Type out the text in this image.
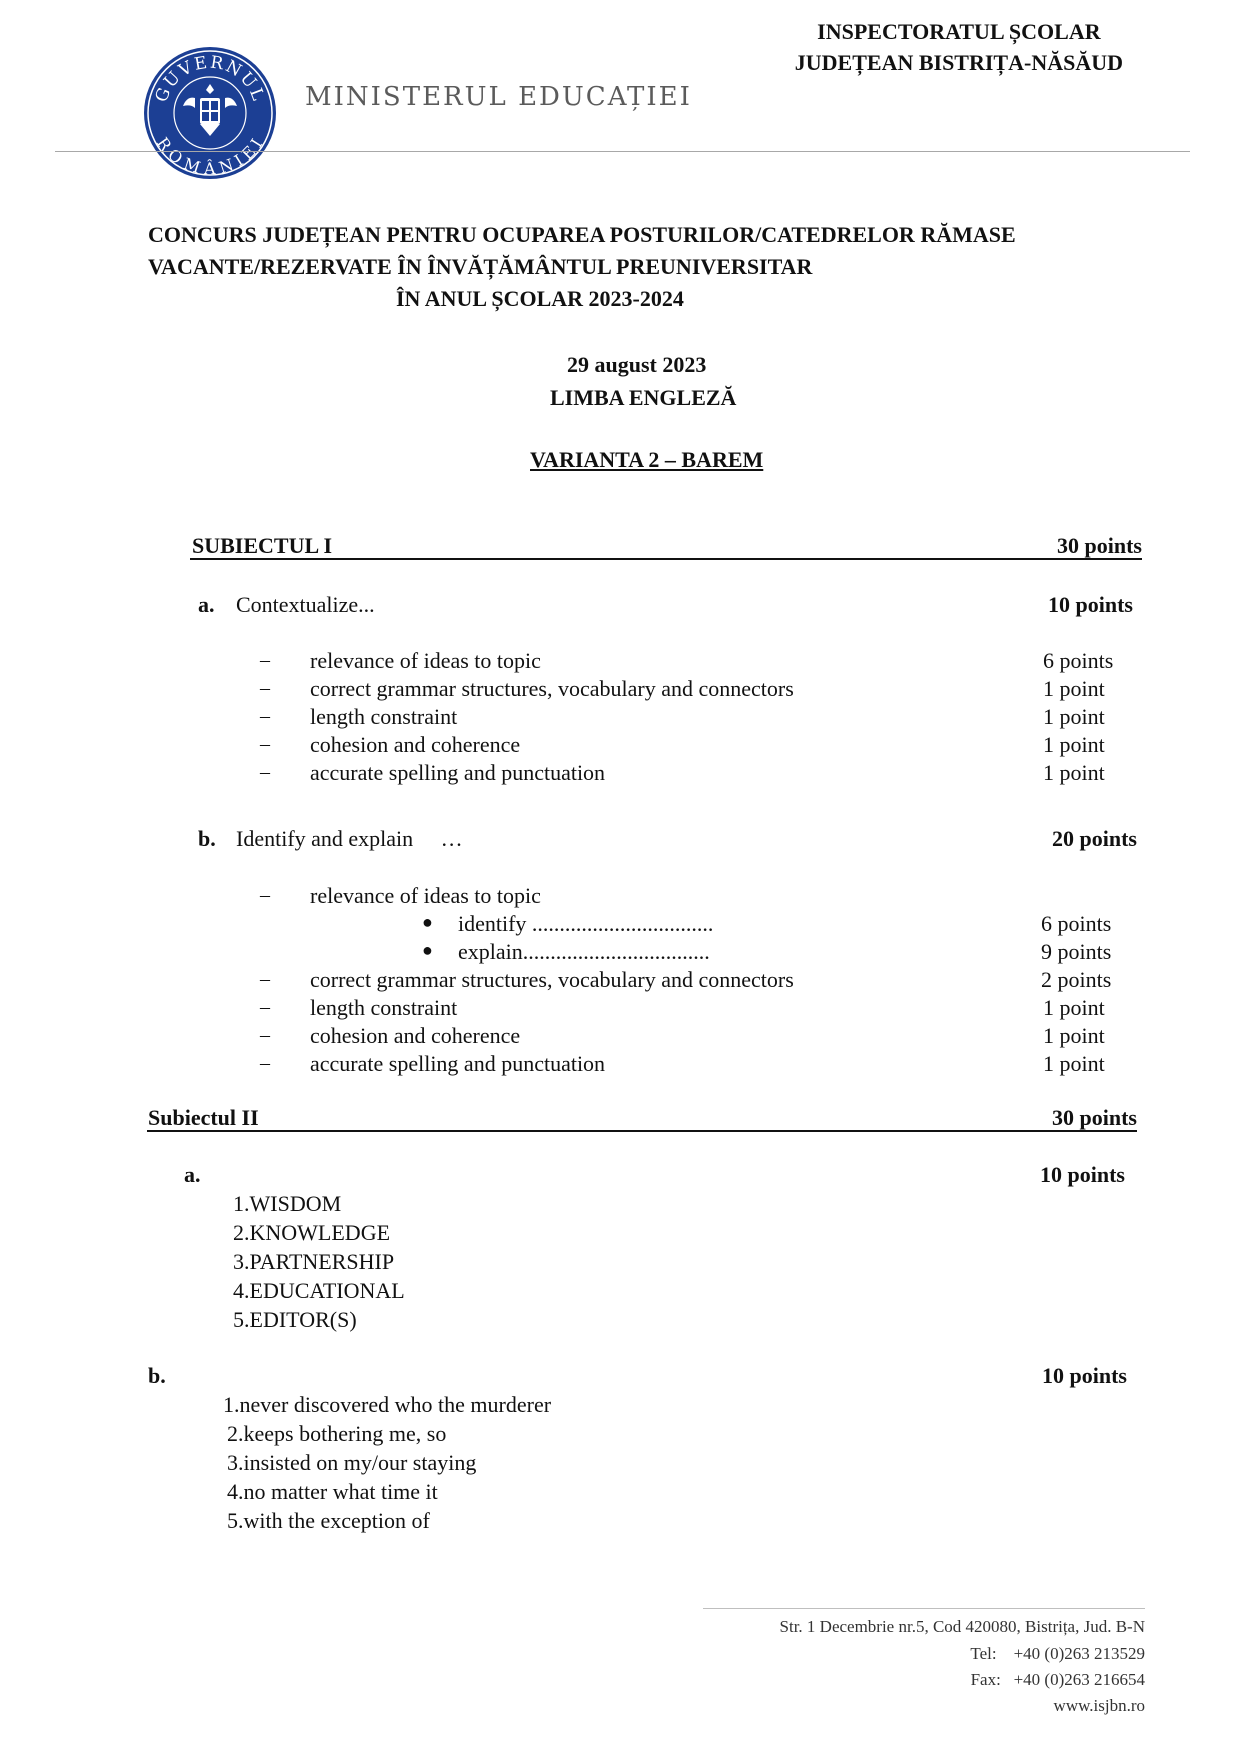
GUVERNUL
ROMÂNIEI
MINISTERUL EDUCAȚIEI
INSPECTORATUL ȘCOLAR
JUDEȚEAN BISTRIȚA-NĂSĂUD
CONCURS JUDEȚEAN PENTRU OCUPAREA POSTURILOR/CATEDRELOR RĂMASE
VACANTE/REZERVATE ÎN ÎNVĂȚĂMÂNTUL PREUNIVERSITAR
ÎN ANUL ȘCOLAR 2023-2024
29 august 2023
LIMBA ENGLEZĂ
VARIANTA 2 – BAREM
SUBIECTUL I	30 points
a. Contextualize...	10 points
– relevance of ideas to topic	6 points
– correct grammar structures, vocabulary and connectors	1 point
– length constraint	1 point
– cohesion and coherence	1 point
– accurate spelling and punctuation	1 point
b. Identify and explain     …	20 points
– relevance of ideas to topic
● identify .................................	6 points
● explain..................................	9 points
– correct grammar structures, vocabulary and connectors	2 points
– length constraint	1 point
– cohesion and coherence	1 point
– accurate spelling and punctuation	1 point
Subiectul II	30 points
a.	10 points
1.WISDOM
2.KNOWLEDGE
3.PARTNERSHIP
4.EDUCATIONAL
5.EDITOR(S)
b.	10 points
1.never discovered who the murderer
2.keeps bothering me, so
3.insisted on my/our staying
4.no matter what time it
5.with the exception of
Str. 1 Decembrie nr.5, Cod 420080, Bistrița, Jud. B-N
Tel: +40 (0)263 213529
Fax: +40 (0)263 216654
www.isjbn.ro
